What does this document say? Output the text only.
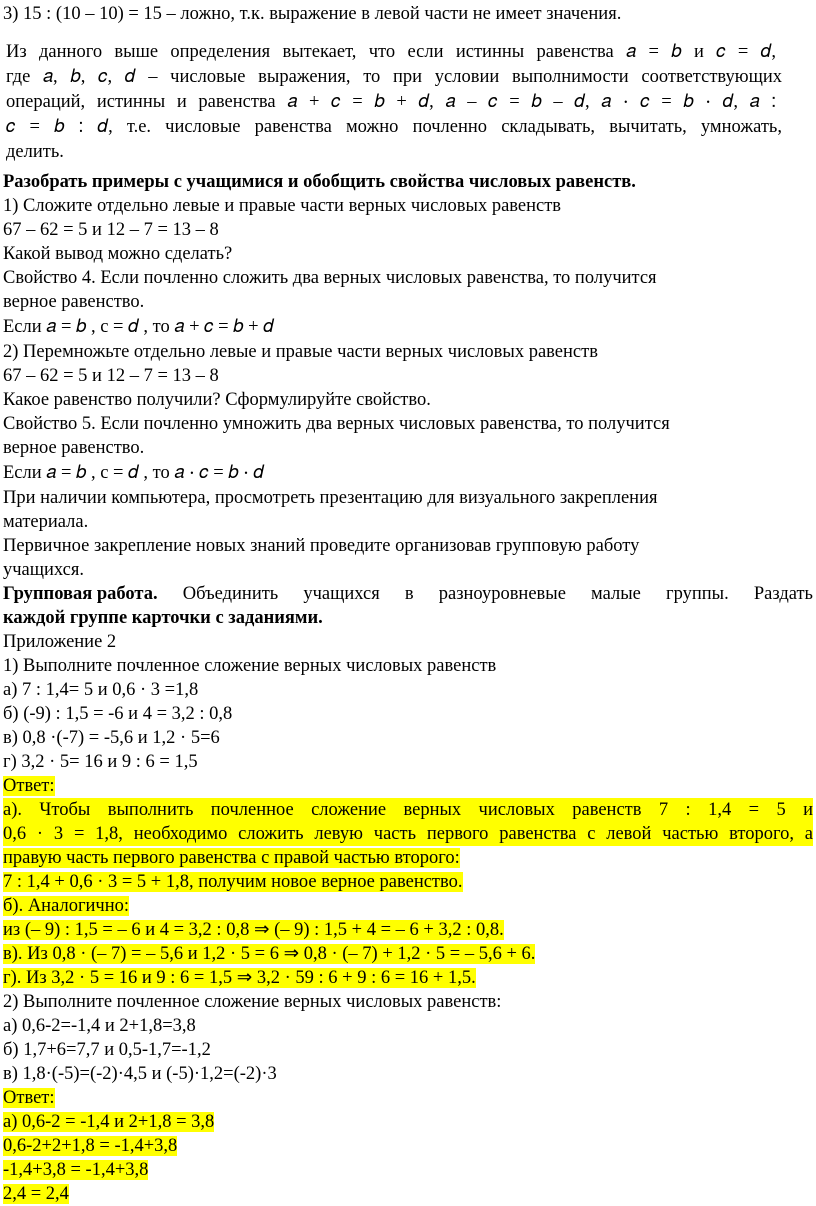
3) 15 : (10 – 10) = 15 – ложно, т.к. выражение в левой части не имеет значения.
Из данного выше определения вытекает, что если истинны равенства 𝑎 = 𝑏 и 𝑐 = 𝑑,
где 𝑎, 𝑏, 𝑐, 𝑑 – числовые выражения, то при условии выполнимости соответствующих
операций, истинны и равенства 𝑎 + 𝑐 = 𝑏 + 𝑑, 𝑎 – 𝑐 = 𝑏 – 𝑑, 𝑎 ⋅ 𝑐 = 𝑏 ⋅ 𝑑, 𝑎 ∶
𝑐 = 𝑏 ∶ 𝑑, т.е. числовые равенства можно почленно складывать, вычитать, умножать,
делить.
Разобрать примеры с учащимися и обобщить свойства числовых равенств.
1) Сложите отдельно левые и правые части верных числовых равенств
67 – 62 = 5 и 12 – 7 = 13 – 8
Какой вывод можно сделать?
Свойство 4. Если почленно сложить два верных числовых равенства, то получится
верное равенство.
Если 𝑎 = 𝑏 , с = 𝑑 , то 𝑎 + 𝑐 = 𝑏 + 𝑑
2) Перемножьте отдельно левые и правые части верных числовых равенств
67 – 62 = 5 и 12 – 7 = 13 – 8
Какое равенство получили? Сформулируйте свойство.
Свойство 5. Если почленно умножить два верных числовых равенства, то получится
верное равенство.
Если 𝑎 = 𝑏 , с = 𝑑 , то 𝑎 ⋅ 𝑐 = 𝑏 ⋅ 𝑑
При наличии компьютера, просмотреть презентацию для визуального закрепления
материала.
Первичное закрепление новых знаний проведите организовав групповую работу
учащихся.
Групповая работа. Объединить учащихся в разноуровневые малые группы. Раздать
каждой группе карточки с заданиями.
Приложение 2
1) Выполните почленное сложение верных числовых равенств
а) 7 : 1,4= 5 и 0,6 · 3 =1,8
б) (-9) : 1,5 = -6 и 4 = 3,2 : 0,8
в) 0,8 ·(-7) = -5,6 и 1,2 · 5=6
г) 3,2 · 5= 16 и 9 : 6 = 1,5
Ответ:
а). Чтобы выполнить почленное сложение верных числовых равенств 7 : 1,4 = 5 и
0,6 · 3 = 1,8, необходимо сложить левую часть первого равенства с левой частью второго, а
правую часть первого равенства с правой частью второго:
7 : 1,4 + 0,6 · 3 = 5 + 1,8, получим новое верное равенство.
б). Аналогично:
из (– 9) : 1,5 = – 6 и 4 = 3,2 : 0,8 ⇒ (– 9) : 1,5 + 4 = – 6 + 3,2 : 0,8.
в). Из 0,8 · (– 7) = – 5,6 и 1,2 · 5 = 6 ⇒ 0,8 · (– 7) + 1,2 · 5 = – 5,6 + 6.
г). Из 3,2 · 5 = 16 и 9 : 6 = 1,5 ⇒ 3,2 · 59 : 6 + 9 : 6 = 16 + 1,5.
2) Выполните почленное сложение верных числовых равенств:
а) 0,6-2=-1,4 и 2+1,8=3,8
б) 1,7+6=7,7 и 0,5-1,7=-1,2
в) 1,8·(-5)=(-2)·4,5 и (-5)·1,2=(-2)·3
Ответ:
а) 0,6-2 = -1,4 и 2+1,8 = 3,8
0,6-2+2+1,8 = -1,4+3,8
-1,4+3,8 = -1,4+3,8
2,4 = 2,4
